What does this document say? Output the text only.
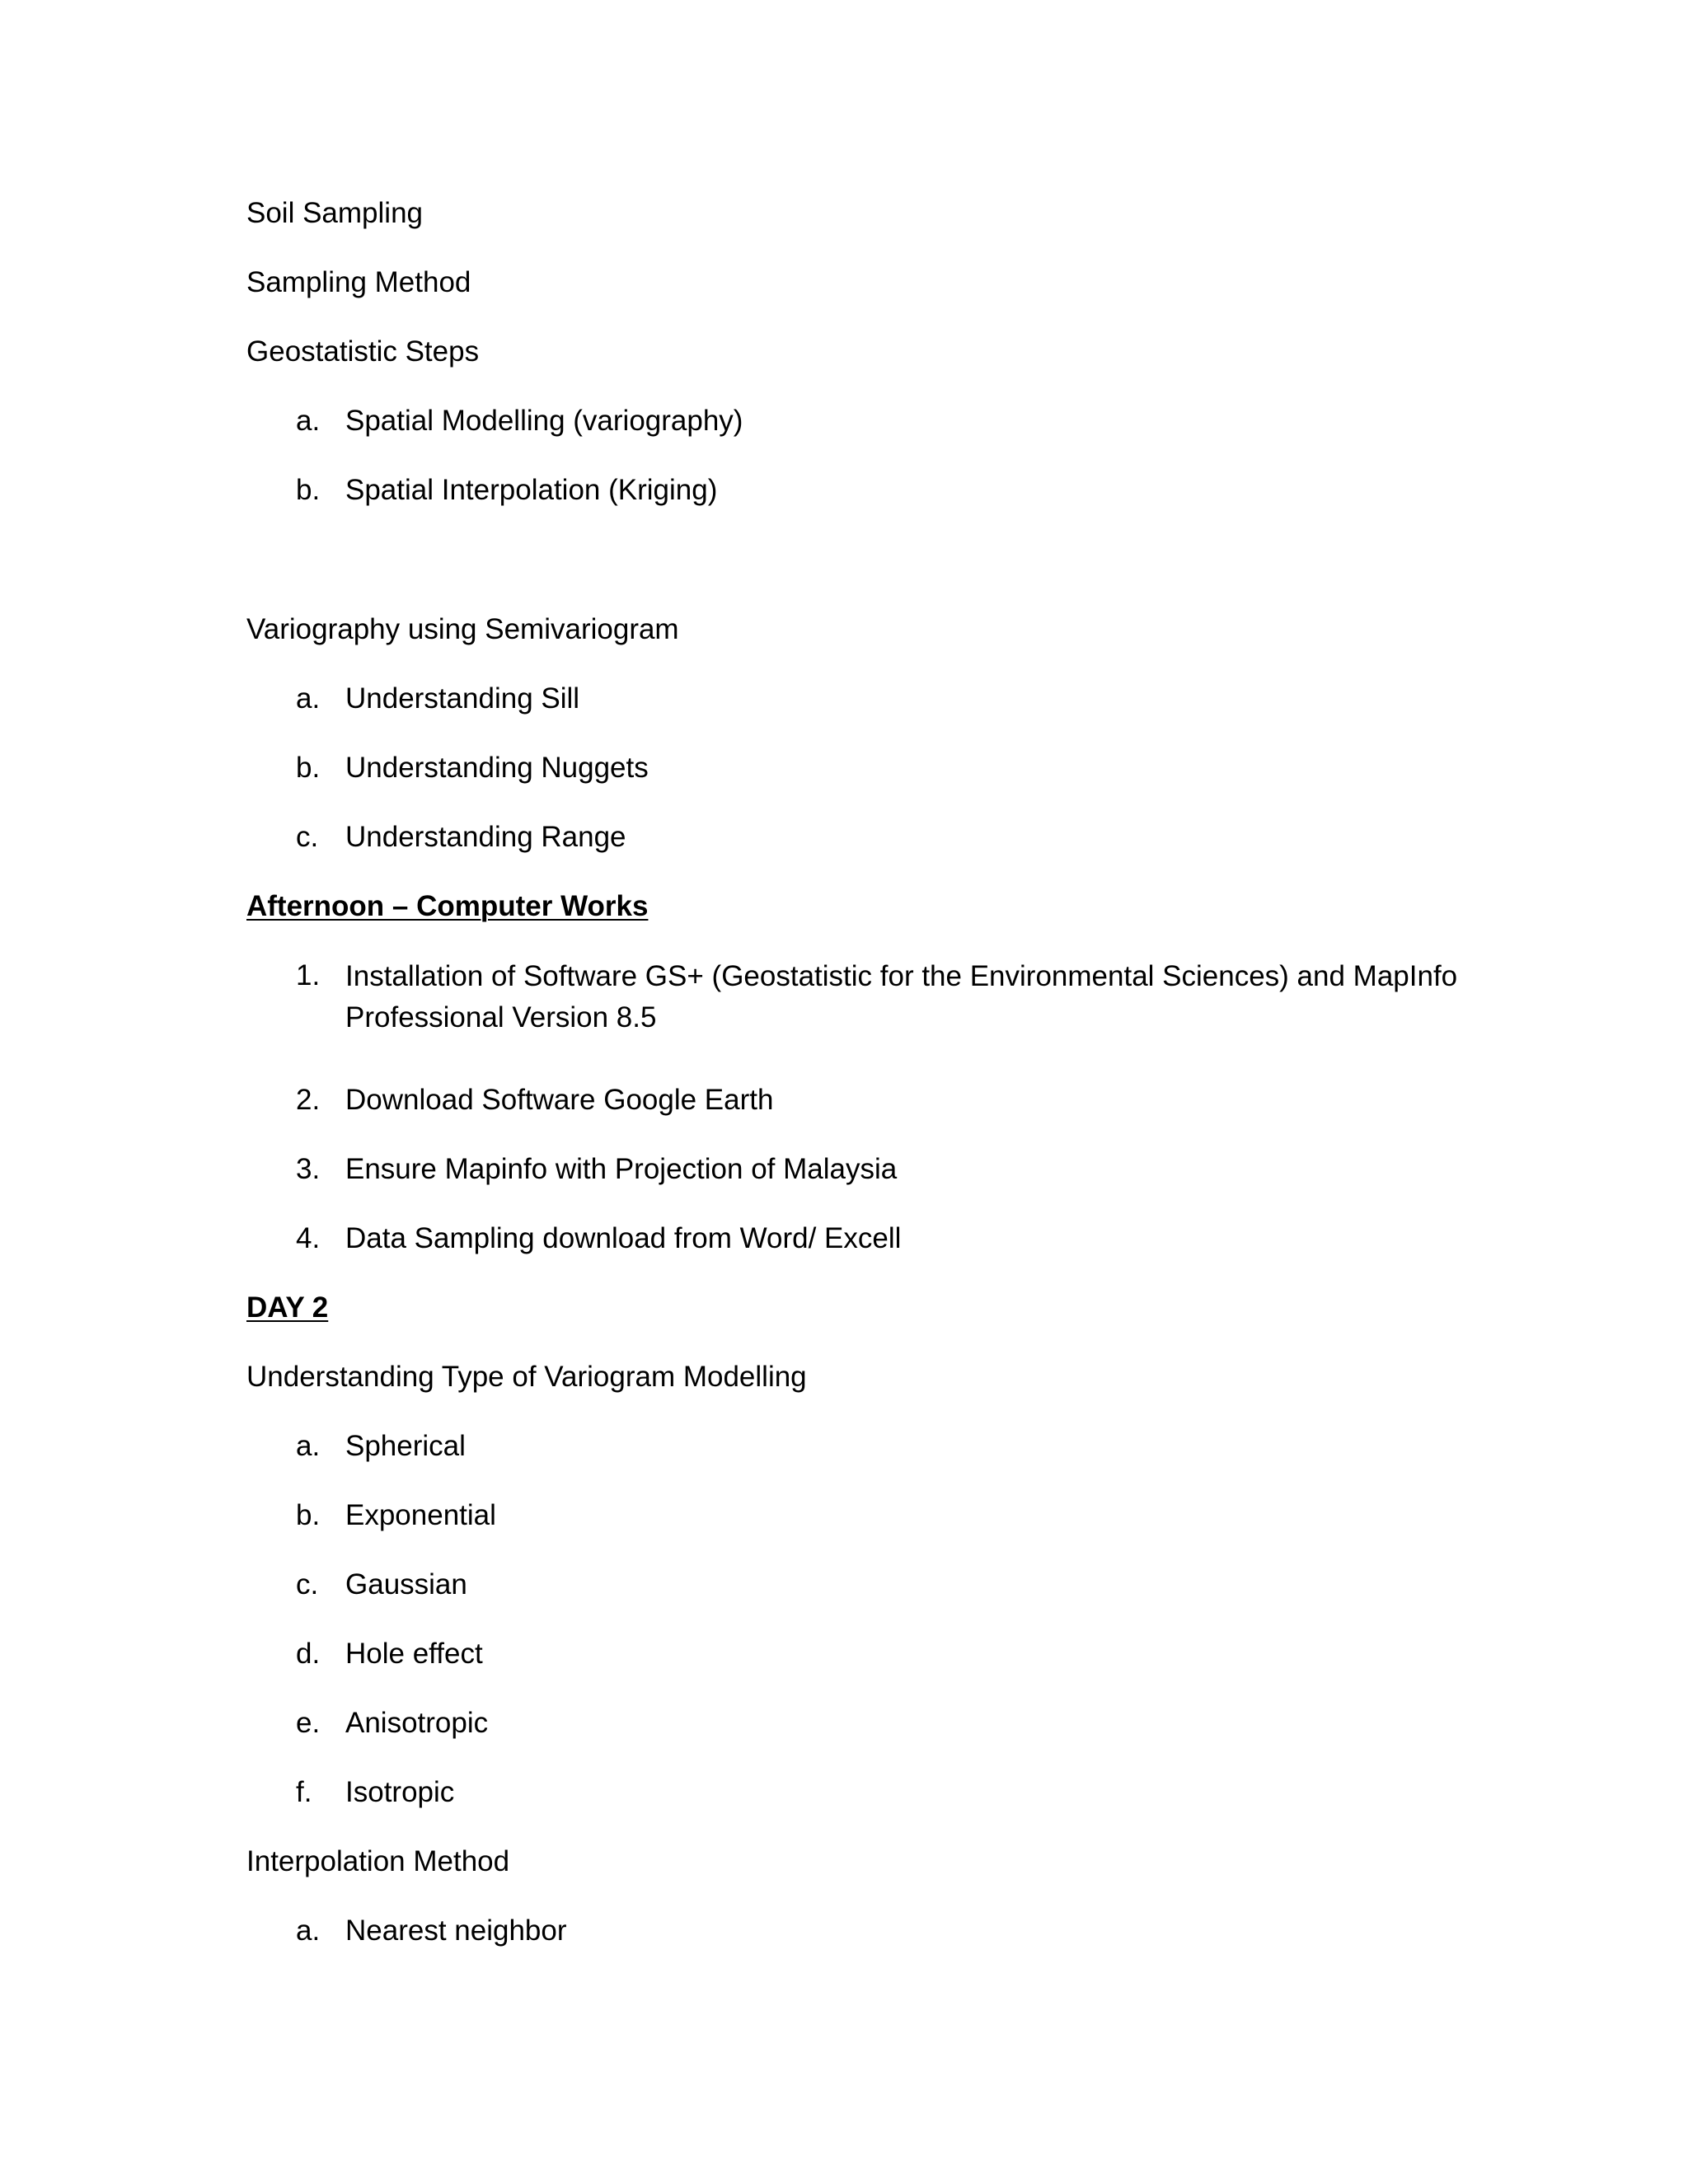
Soil Sampling
Sampling Method
Geostatistic Steps
a. Spatial Modelling (variography)
b. Spatial Interpolation (Kriging)
Variography using Semivariogram
a. Understanding Sill
b. Understanding Nuggets
c. Understanding Range
Afternoon – Computer Works
1. Installation of Software GS+ (Geostatistic for the Environmental Sciences) and MapInfo Professional Version 8.5
2. Download Software Google Earth
3. Ensure Mapinfo with Projection of Malaysia
4. Data Sampling download from Word/ Excell
DAY 2
Understanding Type of Variogram Modelling
a. Spherical
b. Exponential
c. Gaussian
d. Hole effect
e. Anisotropic
f. Isotropic
Interpolation Method
a. Nearest neighbor
